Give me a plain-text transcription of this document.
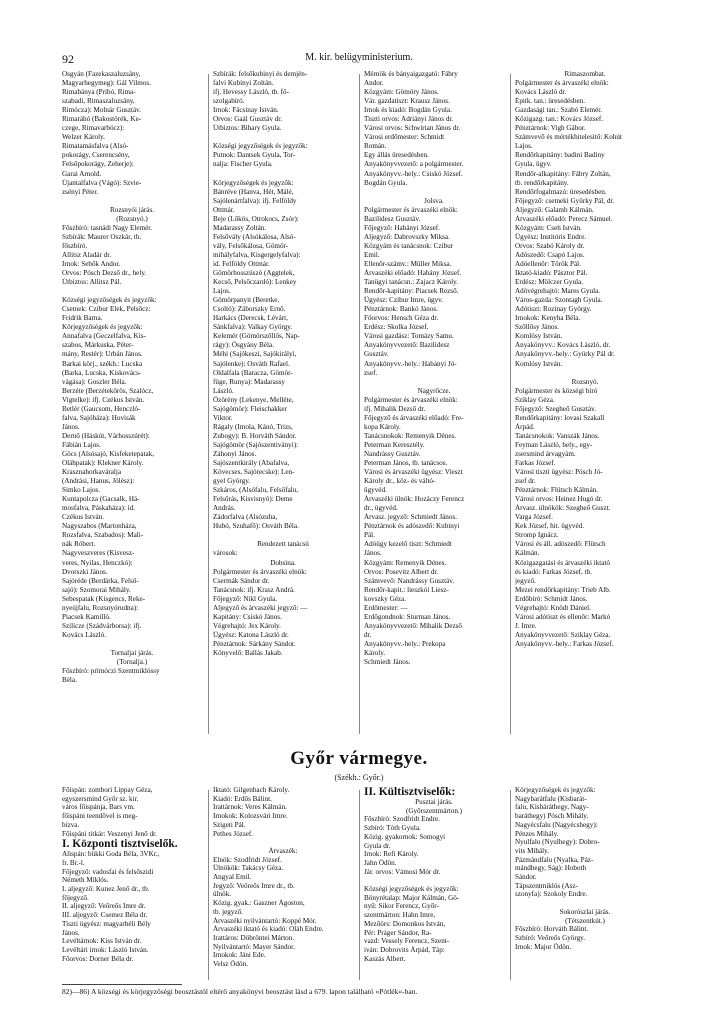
92	M. kir. belügyministerium.
Osgyán (Fazekaszaluzsány,
Magyarhegymeg): Gál Vilmos.
Rimabánya (Pribó, Rima-
szabadi, Rimaszaluzsány,
Rimócza): Molnár Gusztáv.
Rimaráhó (Bakostörék, Ke-
czege, Rimavarbócz):
Welzer Károly.
Rimatamásfalva (Alsó-
pokorágy, Cserencsény,
Felsőpokorágy, Zeherje):
Garai Arnold.
Újantalfalva (Vágó): Szvie-
zsényi Péter.

Rozsnyói járás.
(Rozsnyó.)
Főszbíró: tasnádi Nagy Elemér.
Szbírák: Maurer Oszkár, tb.
főszbíró.
Allitsz Aladár dr.
Irnok: Sebők Andor.
Orvos: Pósch Dezső dr., hely.
Útbiztos: Allitsz Pál.

Községi jegyzőségek és jegyzők:
Csetnek: Czibur Elek, Pelsőcz:
Fridrik Barna.
Körjegyzőségek és jegyzők:
Annafalva (Geczelfalva, Kis-
szabos, Márkuska, Péter-
mány, Restér): Urbán János.
Barkai körj., székh.: Lucska
(Barka, Lucska, Kiskovács-
vágása): Goszler Béla.
Berzéte (Berzétekőrös, Szalócz,
Vigtelke): ifj. Czékus István.
Betlér (Gaucsom, Henczló-
falva, Sajóháza): Hovisák
János.
Dernő (Háskút, Várhosszúrét):
Fábián Lajos.
Göcs (Alsósajó, Kisfeketepatak,
Oláhpatak): Klekner Károly.
Krasznahorkaváralja
(Andrási, Hanus, Jólész):
Simko Lajos.
Kuntapolcza (Gacsalk, Há-
mosfalva, Páskaháza): id.
Czékus István.
Nagyszabos (Martonháza,
Rozsfalva, Szabados): Mali-
nák Róbert.
Nagyveszveres (Kisvesz-
veres, Nyilas, Henczkó):
Dvorszki János.
Sajóréde (Berdárka, Felső-
sajó): Szomorai Mihály.
Sebespatak (Kisgencs, Reke-
nyeújfalu, Rozsnyórudna):
Piacsek Kamilló.
Szilicze (Szádvárborsa): ifj.
Kovács László.

Tornaljai járás.
(Tornalja.)
Főszbíró: primóczi Szentmiklóssy
Béla.
Szbírák: felsőkubinyi és demjén-
falvi Kubinyi Zoltán.
ifj. Hevessy László, tb. fő-
szolgabíró.
Irnok: Fácsinay István.
Orvos: Gaál Gusztáv dr.
Útbiztos: Bihary Gyula.

Községi jegyzőségek és jegyzők:
Putnok: Dantsek Gyula, Tor-
nalja: Fischer Gyula.

Körjegyzőségek és jegyzők:
Bánréve (Hanva, Hét, Málé,
Sajólenártfalva): ifj. Felföldy
Ottmár.
Beje (Lőkös, Otrokocs, Zsór):
Madarassy Zoltán.
Felsővály (Alsókálosa, Alsó-
vály, Felsőkálosa, Gömör-
mihályfalva, Kisgergelyfalva):
id. Felföldy Ottmár.
Gömörhosszúszó (Aggtelek,
Kecső, Pelsőczardó): Lenkey
Lajos.
Gömörpanyit (Beretke,
Csoltó): Záborszky Ernő.
Harkács (Derecsk, Lévárt,
Sánkfalva): Valkay György.
Kelemér (Gömörszőllős, Nap-
rágy): Ösgyány Béla.
Méhi (Sajókeszi, Sajókirályi,
Sajólenke): Osváth Rafael.
Oldalfala (Baracza, Gömör-
füge, Runya): Madarassy
László.
Özörény (Lekenye, Melléte,
Sajógömör): Fleischakker
Viktor.
Rágaly (Imola, Kánó, Trizs,
Zubogy): B. Horváth Sándor.
Sajógömör (Sajószentiványi):
Záhonyi János.
Sajószentkirály (Abafalva,
Kövecses, Sajórecske): Len-
gyel György.
Szkáros, (Alsófalu, Felsőfalu,
Felsőrás, Kisvisnyó): Deme
András.
Zádorfalva (Alsózuha,
Hubó, Szuhafő): Osváth Béla.

Rendezett tanácsú
városok:
Dobsina.
Polgármester és árvaszéki elnök:
Csermák Sándor dr.
Tanácsnok: ifj. Krasz Andrá.
Főjegyző: Nikl Gyula.
Aljegyző és árvaszéki jegyző: —
Kapitány: Csiskó János.
Végrehajtó: Jex Károly.
Ügyész: Katona László dr.
Pénztárnok: Sárkány Sándor.
Könyvelő: Ballás Jakab.
Mérnök és bányaigazgató: Fábry
Andor.
Közgyám: Gömöry János.
Vár. gazdatiszt: Krausz János.
Irnok és kiadó: Bogdán Gyula.
Tiszti orvos: Adriányi János dr.
Városi orvos: Schwirian János dr.
Városi erdőmester: Schmidt
Román.
Egy állás üresedésben.
Anyakönyvvezető: a polgármester.
Anyakönyvv.-hely.: Csiskó József.
Bogdán Gyula.

Jolsva.
Polgármester és árvaszéki elnök:
Bazilidesz Gusztáv.
Főjegyző: Habányi József.
Aljegyző: Dabrovszky Miksa.
Közgyám és tanácsnok: Czibur
Emil.
Ellenőr-számv.: Müller Miksa.
Árvaszéki előadó: Habány József.
Tanügyi tanácsn.: Zajacz Károly.
Rendőr-kapitány: Piacsek Rezső.
Ügyész: Czibur Imre, ügyv.
Pénztárnok: Bankó János.
Főorvos: Hensch Géza dr.
Erdész: Skolka József.
Városi gazdász: Tomázy Samu.
Anyakönyvvezető: Bazilidesz
Gusztáv.
Anyakönyvv.-hely.: Habányi Jó-
zsef.

Nagyrőcze.
Polgármester és árvaszéki elnök:
ifj. Mihalik Dezső dr.
Főjegyző és árvaszéki előadó: Fre-
kopa Károly.
Tanácsnokok: Remenyik Dénes.
Peterman Keresztély.
Nandrássy Gusztáv.
Peterman János, tb. tanácsos.
Városi és árvaszéki ügyész: Vieszt
Károly dr., köz- és váltó-
ügyvéd.
Árvaszéki ülnök: Hozáczy Ferencz
dr., ügyvéd.
Árvasz. jegyző: Schmiedt János.
Pénztárnok és adószedő: Kubinyi
Pál.
Adóügy kezelő tiszt: Schmiedt
János.
Közgyám: Remenyik Dénes.
Orvos: Posevitz Albert dr.
Számvevő: Nandrássy Gusztáv.
Rendőr-kapit.: lieszkói Liesz-
kovszky Géza.
Erdőmester: —
Erdőgondnok: Sturman János.
Anyakönyvvezető: Mihalik Dezső
dr.
Anyakönyvv.-hely.: Prekopa
Károly.
Schmiedt János.
Rimaszombat.
Polgármester és árvaszéki elnök:
Kovács László dr.
Épitk. tan.: üresedésben.
Gazdasági tan.: Szabó Elemér.
Közigazg. tan.: Kovács József.
Pénztárnok: Vigh Gábor.
Számvevő és mértékhitelesítő: Kohút
Lajos.
Rendőrkapitány: badini Badiny
Gyula, ügyv.
Rendőr-alkapitány: Fábry Zoltán,
tb. rendőrkapitány.
Rendőrfogalmazó: üresedésben.
Főjegyző: csetneki Gyürky Pál, dr.
Aljegyző: Galamb Kálmán.
Árvaszéki előadó: Perecz Sámuel.
Közgyám: Cseh István.
Ügyész: Institóris Endre.
Orvos: Szabó Károly dr.
Adószedő: Csapó Lajos.
Adóellenőr: Török Pál.
Iktató-kiadó: Pásztor Pál.
Erdész: Mölczer Gyula.
Adóvégrehajtó: Mares Gyula.
Város-gazda: Szontagh Gyula.
Adótiszt: Rozinay György.
Irnokok: Kenyha Béla.
Szőllősy János.
Komlósy István.
Anyakönyvv.: Kovács László, dr.
Anyakönyvv.-hely.: Gyürky Pál dr.
Komlósy István.

Rozsnyó.
Polgármester és községi bíró
Sziklay Géza.
Főjegyző: Szegheő Gusztáv.
Rendőrkapitány: lovasi Szakall
Árpád.
Tanácsnokok: Vanszák János.
Feyman László, hely., egy-
zsersmind árvagyám.
Farkas József.
Városi tiszti ügyész: Pósch Jó-
zsef dr.
Pénztárnok: Flütsch Kálmán.
Városi orvos: Heinez Hugó dr.
Árvasz. ülnökök: Szegheő Guszt.
Varga József.
Kek József, hit. ügyvéd.
Stromp Ignácz.
Városi és áll. adószedő: Flütsch
Kálmán.
Közigazgatási és árvaszéki iktató
és kiadó: Farkas József, tb.
jegyző.
Mezei rendőrkapitány: Trieb Alb.
Erdőbíró: Schmidt János.
Végrehajtó: Knödt Dániel.
Városi adótiszt és ellenőr: Markó
J. Imre.
Anyakönyvvezető: Sziklay Géza.
Anyakönyvv.-hely.: Farkas József.
Győr vármegye.
(Székh.: Győr.)
Főispán: zombori Lippay Géza,
egyszersmind Győr sz. kir.
város főispánja, Bars vm.
főispáni teendővel is meg-
bízva.
Főispáni titkár: Veszenyi Jenő dr.
I. Központi tisztviselők.
Alispán: bükki Goda Béla, 3VKr.,
fr. Br.-l.
Főjegyző: vadosfai és felsőszidi
Németh Miklós.
I. aljegyző: Kunez Jenő dr., tb.
főjegyző.
II. aljegyző: Veőreős Imre dr.
III. aljegyző: Csemez Béla dr.
Tiszti ügyész: magyarbéli Bély
János.
Levéltárnok: Kiss István dr.
Levéltári irnok: László István.
Főorvos: Dorner Béla dr.
Iktató: Gilgenbach Károly.
Kiadó: Erdős Bálint.
Irattárnok: Veres Kálmán.
Irnokok: Kolozsvári Imre.
Szigeti Pál.
Pethes József.

Árvaszék:
Elnök: Szodfridt József.
Ülnökök: Takácsy Géza.
Angyal Emil.
Jegyző: Veőreős Imre dr., tb.
ülnök.
Közig. gyak.: Gaszner Ágoston,
tb. jegyző.
Árvaszéki nyilvántartó: Koppé Mór.
Árvaszéki iktató és kiadó: Oláh Endre.
Irattáros: Döbröntei Márton.
Nyilvántartó: Mayer Sándor.
Irnokok: Jáni Ede.
Velsz Ödön.
II. Kültisztviselők:
Pusztai járás.
(Győrszentmárton.)
Főszbíró: Szodfridt Endre.
Szbíró: Tóth Gyula.
Közig. gyakornok: Somogyi
Gyula dr.
Irnok: Refi Károly.
Jahn Ödön.
Jár. orvos: Vámosi Mór dr.

Községi jegyzőségek és jegyzők:
Bönyrétalap: Major Kálmán, Gö-
nyű: Sikor Ferencz, Győr-
szentmárton: Hahn Imre,
Mezőörs: Domonkos István,
Pér: Práger Sándor, Ra-
vazd: Vessely Ferencz, Szent-
iván: Dobrovits Árpád, Táp:
Kaszás Albert.
Körjegyzőségek és jegyzők:
Nagybarátfalu (Kisbarát-
falu, Kisbáráthegy, Nagy-
baráthegy) Pósch Mihály.
Nagyécsfalu (Nagyécshegy):
Pénzes Mihály.
Nyulfalu (Nyulhegy): Dobro-
vits Mihály.
Pázmándfalu (Nyalka, Páz-
mándhegy, Ság): Hoboth
Sándor.
Tápszentmiklós (Asz-
szonyfa): Szokoly Endre.

Sokorószlai járás.
(Tétszentkút.)
Főszbíró: Horváth Bálint.
Szbíró: Veőreős György.
Irnok: Major Ödön.
82)—86) A községi és körjegyzőségi beosztástól eltérő anyakönyvi beosztást lásd a 679. lapon található »Pótlék«-ban.
